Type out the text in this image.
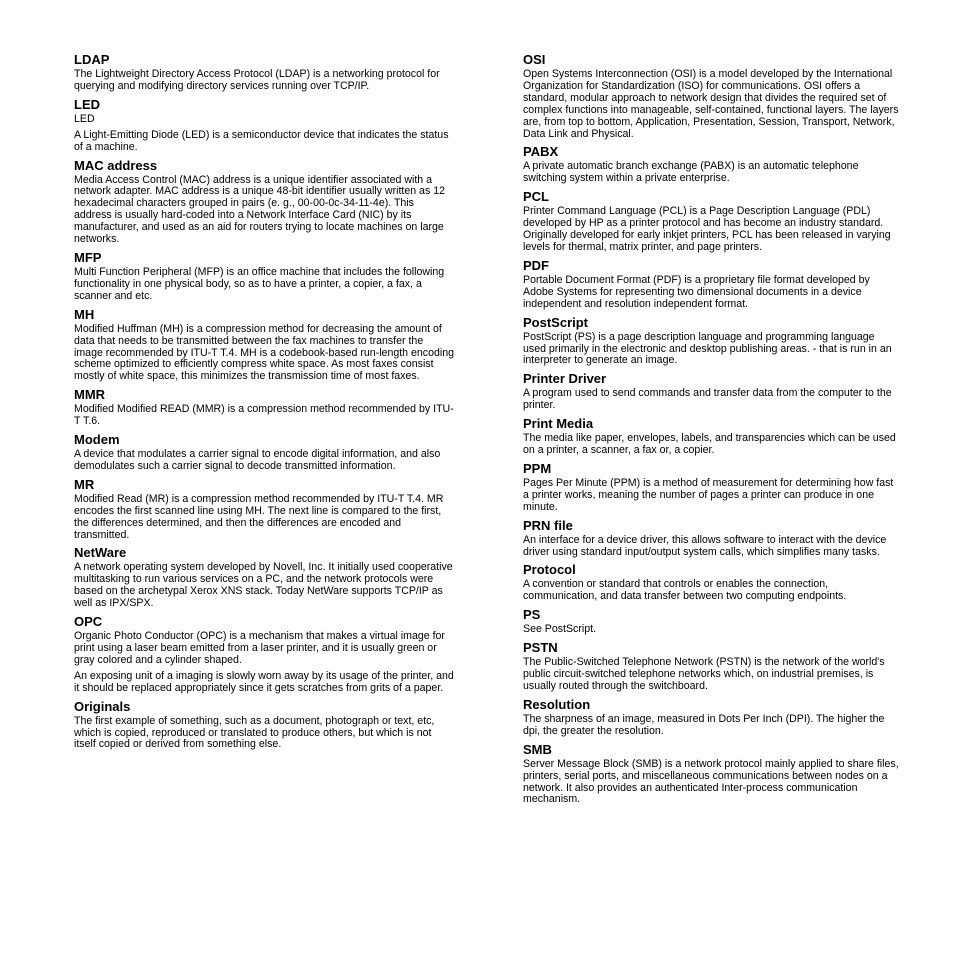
LDAP

The Lightweight Directory Access Protocol (LDAP) is a networking protocol for querying and modifying directory services running over TCP/IP.

LED

LED

A Light-Emitting Diode (LED) is a semiconductor device that indicates the status of a machine.

MAC address

Media Access Control (MAC) address is a unique identifier associated with a network adapter. MAC address is a unique 48-bit identifier usually written as 12 hexadecimal characters grouped in pairs (e. g., 00-00-0c-34-11-4e). This address is usually hard-coded into a Network Interface Card (NIC) by its manufacturer, and used as an aid for routers trying to locate machines on large networks.

MFP

Multi Function Peripheral (MFP) is an office machine that includes the following functionality in one physical body, so as to have a printer, a copier, a fax, a scanner and etc.

MH

Modified Huffman (MH) is a compression method for decreasing the amount of data that needs to be transmitted between the fax machines to transfer the image recommended by ITU-T T.4. MH is a codebook-based run-length encoding scheme optimized to efficiently compress white space. As most faxes consist mostly of white space, this minimizes the transmission time of most faxes.

MMR

Modified Modified READ (MMR) is a compression method recommended by ITU-T T.6.

Modem

A device that modulates a carrier signal to encode digital information, and also demodulates such a carrier signal to decode transmitted information.

MR

Modified Read (MR) is a compression method recommended by ITU-T T.4. MR encodes the first scanned line using MH. The next line is compared to the first, the differences determined, and then the differences are encoded and transmitted.

NetWare

A network operating system developed by Novell, Inc. It initially used cooperative multitasking to run various services on a PC, and the network protocols were based on the archetypal Xerox XNS stack. Today NetWare supports TCP/IP as well as IPX/SPX.

OPC

Organic Photo Conductor (OPC) is a mechanism that makes a virtual image for print using a laser beam emitted from a laser printer, and it is usually green or gray colored and a cylinder shaped.

An exposing unit of a imaging is slowly worn away by its usage of the printer, and it should be replaced appropriately since it gets scratches from grits of a paper.

Originals

The first example of something, such as a document, photograph or text, etc, which is copied, reproduced or translated to produce others, but which is not itself copied or derived from something else.

OSI

Open Systems Interconnection (OSI) is a model developed by the International Organization for Standardization (ISO) for communications. OSI offers a standard, modular approach to network design that divides the required set of complex functions into manageable, self-contained, functional layers. The layers are, from top to bottom, Application, Presentation, Session, Transport, Network, Data Link and Physical.

PABX

A private automatic branch exchange (PABX) is an automatic telephone switching system within a private enterprise.

PCL

Printer Command Language (PCL) is a Page Description Language (PDL) developed by HP as a printer protocol and has become an industry standard. Originally developed for early inkjet printers, PCL has been released in varying levels for thermal, matrix printer, and page printers.

PDF

Portable Document Format (PDF) is a proprietary file format developed by Adobe Systems for representing two dimensional documents in a device independent and resolution independent format.

PostScript

PostScript (PS) is a page description language and programming language used primarily in the electronic and desktop publishing areas. - that is run in an interpreter to generate an image.

Printer Driver

A program used to send commands and transfer data from the computer to the printer.

Print Media

The media like paper, envelopes, labels, and transparencies which can be used on a printer, a scanner, a fax or, a copier.

PPM

Pages Per Minute (PPM) is a method of measurement for determining how fast a printer works, meaning the number of pages a printer can produce in one minute.

PRN file

An interface for a device driver, this allows software to interact with the device driver using standard input/output system calls, which simplifies many tasks.

Protocol

A convention or standard that controls or enables the connection, communication, and data transfer between two computing endpoints.

PS

See PostScript.

PSTN

The Public-Switched Telephone Network (PSTN) is the network of the world's public circuit-switched telephone networks which, on industrial premises, is usually routed through the switchboard.

Resolution

The sharpness of an image, measured in Dots Per Inch (DPI). The higher the dpi, the greater the resolution.

SMB

Server Message Block (SMB) is a network protocol mainly applied to share files, printers, serial ports, and miscellaneous communications between nodes on a network. It also provides an authenticated Inter-process communication mechanism.
